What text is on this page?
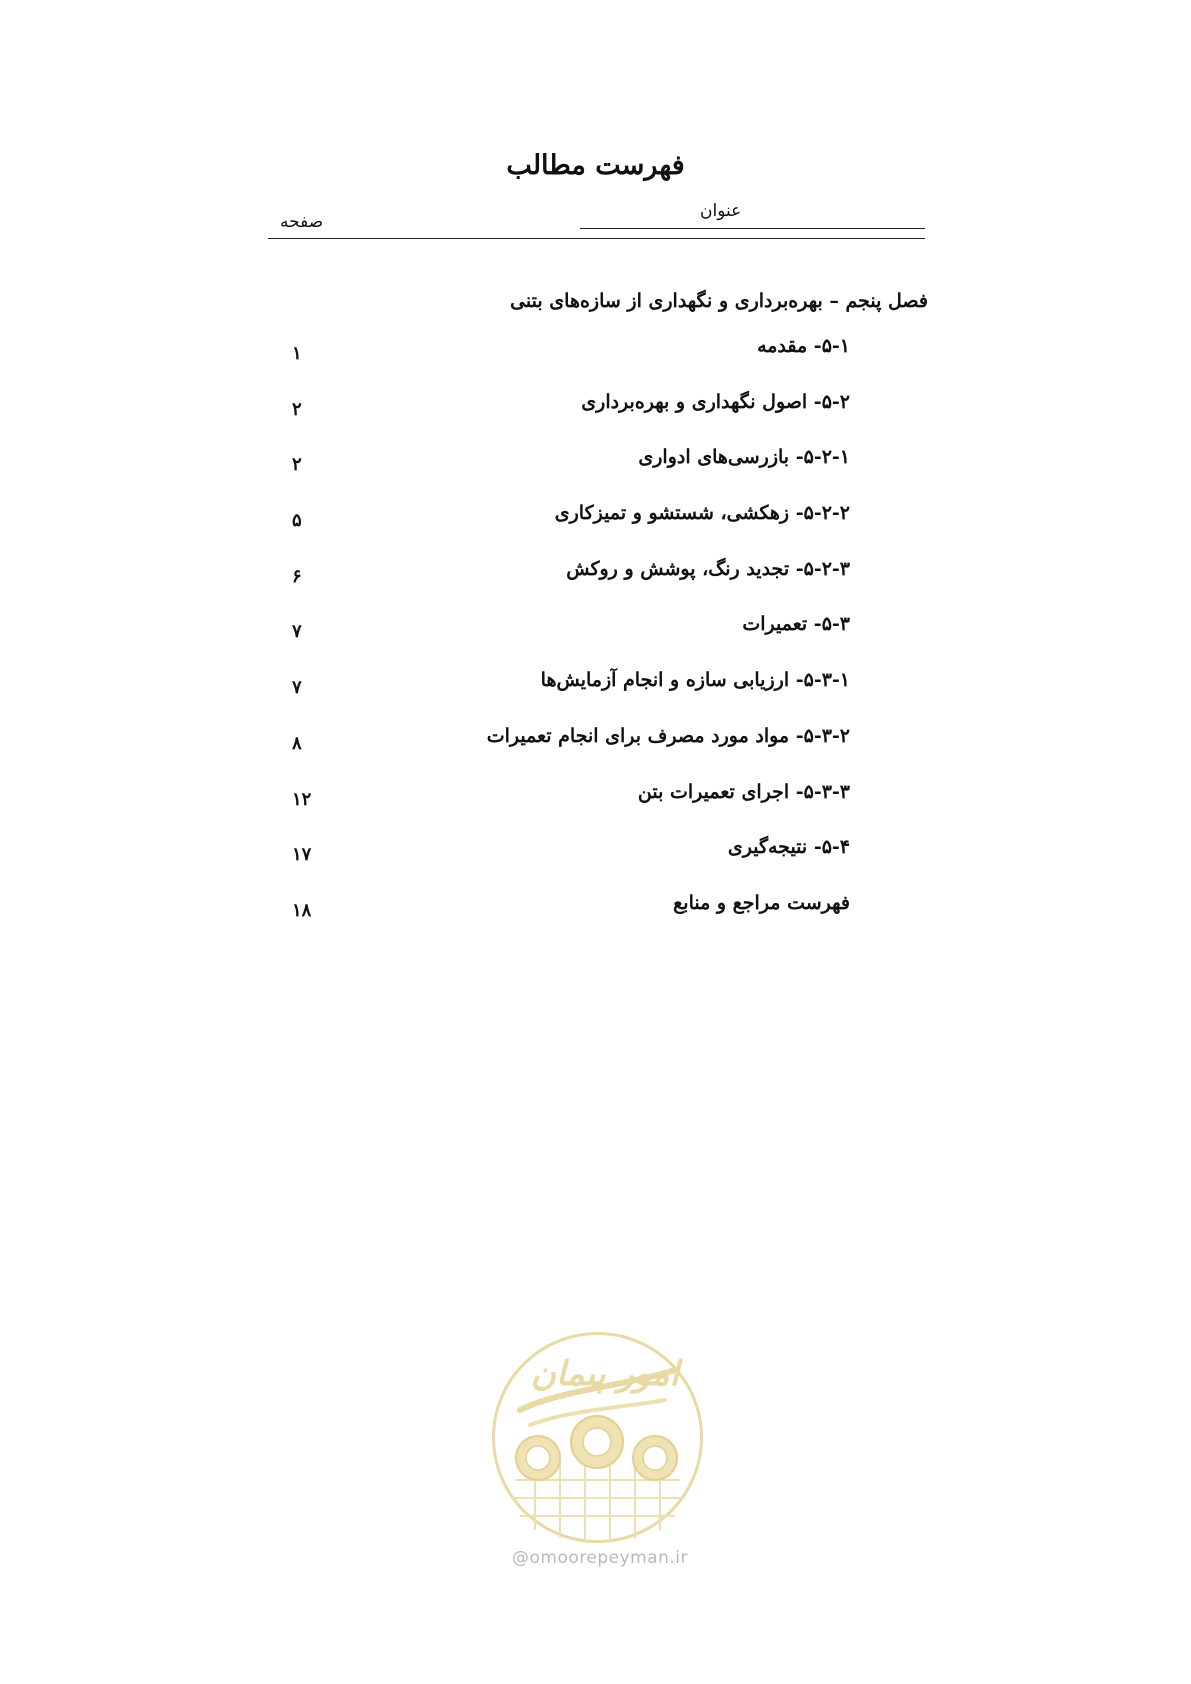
فهرست مطالب
عنوان
صفحه
فصل پنجم – بهره‌برداری و نگهداری از سازه‌های بتنی
۵-۱- مقدمه
۱
۵-۲- اصول نگهداری و بهره‌برداری
۲
۵-۲-۱- بازرسی‌های ادواری
۲
۵-۲-۲- زهکشی، شستشو و تمیزکاری
۵
۵-۲-۳- تجدید رنگ، پوشش و روکش
۶
۵-۳- تعمیرات
۷
۵-۳-۱- ارزیابی سازه و انجام آزمایش‌ها
۷
۵-۳-۲- مواد مورد مصرف برای انجام تعمیرات
۸
۵-۳-۳- اجرای تعمیرات بتن
۱۲
۵-۴- نتیجه‌گیری
۱۷
فهرست مراجع و منابع
۱۸
امور پیمان
@omoorepeyman.ir
